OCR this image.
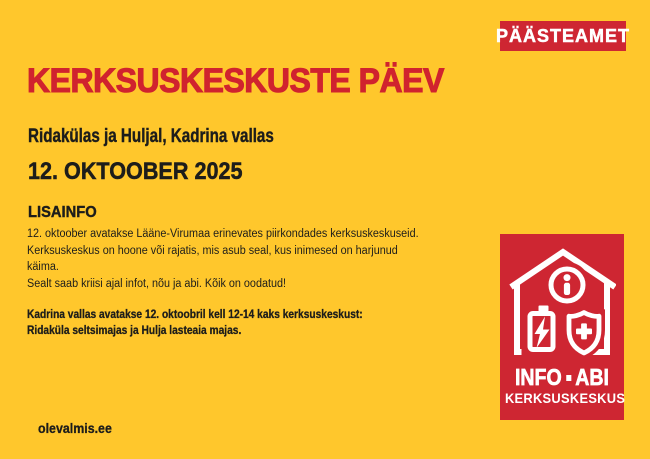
PÄÄSTEAMET
KERKSUSKESKUSTE PÄEV
Ridakülas ja Huljal, Kadrina vallas
12. OKTOOBER 2025
LISAINFO
12. oktoober avatakse Lääne-Virumaa erinevates piirkondades kerksuskeskuseid.
Kerksuskeskus on hoone või rajatis, mis asub seal, kus inimesed on harjunud
käima.
Sealt saab kriisi ajal infot, nõu ja abi. Kõik on oodatud!
Kadrina vallas avatakse 12. oktoobril kell 12-14 kaks kerksuskeskust:
Ridaküla seltsimajas ja Hulja lasteaia majas.
INFO ABI
KERKSUSKESKUS
olevalmis.ee
